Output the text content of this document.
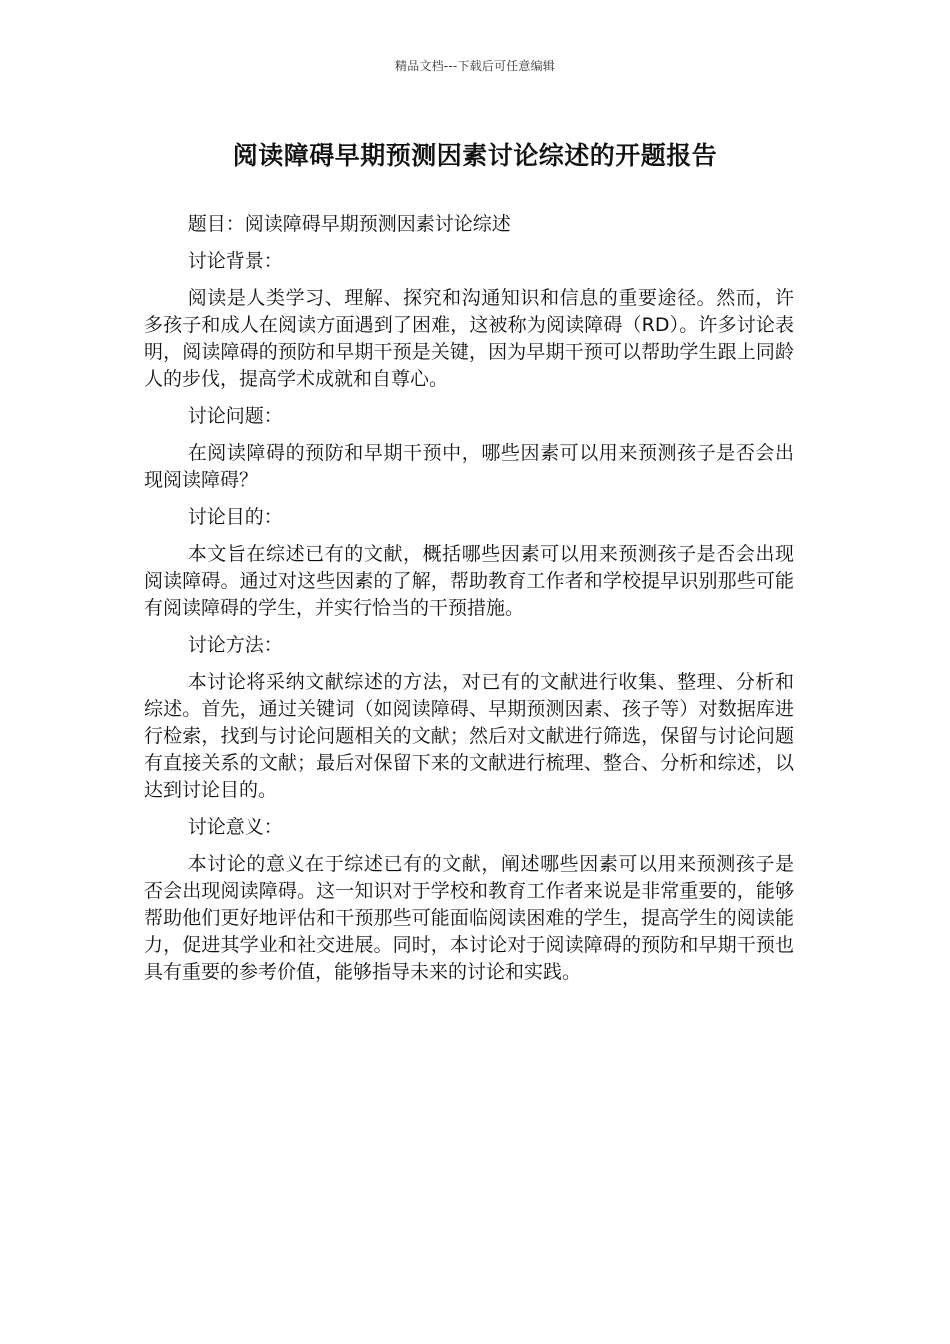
精品文档---下载后可任意编辑
阅读障碍早期预测因素讨论综述的开题报告

题目：阅读障碍早期预测因素讨论综述

讨论背景：

阅读是人类学习、理解、探究和沟通知识和信息的重要途径。然而，许多孩子和成人在阅读方面遇到了困难，这被称为阅读障碍（RD）。许多讨论表明，阅读障碍的预防和早期干预是关键，因为早期干预可以帮助学生跟上同龄人的步伐，提高学术成就和自尊心。

讨论问题：

在阅读障碍的预防和早期干预中，哪些因素可以用来预测孩子是否会出现阅读障碍？

讨论目的：

本文旨在综述已有的文献，概括哪些因素可以用来预测孩子是否会出现阅读障碍。通过对这些因素的了解，帮助教育工作者和学校提早识别那些可能有阅读障碍的学生，并实行恰当的干预措施。

讨论方法：

本讨论将采纳文献综述的方法，对已有的文献进行收集、整理、分析和综述。首先，通过关键词（如阅读障碍、早期预测因素、孩子等）对数据库进行检索，找到与讨论问题相关的文献；然后对文献进行筛选，保留与讨论问题有直接关系的文献；最后对保留下来的文献进行梳理、整合、分析和综述，以达到讨论目的。

讨论意义：

本讨论的意义在于综述已有的文献，阐述哪些因素可以用来预测孩子是否会出现阅读障碍。这一知识对于学校和教育工作者来说是非常重要的，能够帮助他们更好地评估和干预那些可能面临阅读困难的学生，提高学生的阅读能力，促进其学业和社交进展。同时，本讨论对于阅读障碍的预防和早期干预也具有重要的参考价值，能够指导未来的讨论和实践。
